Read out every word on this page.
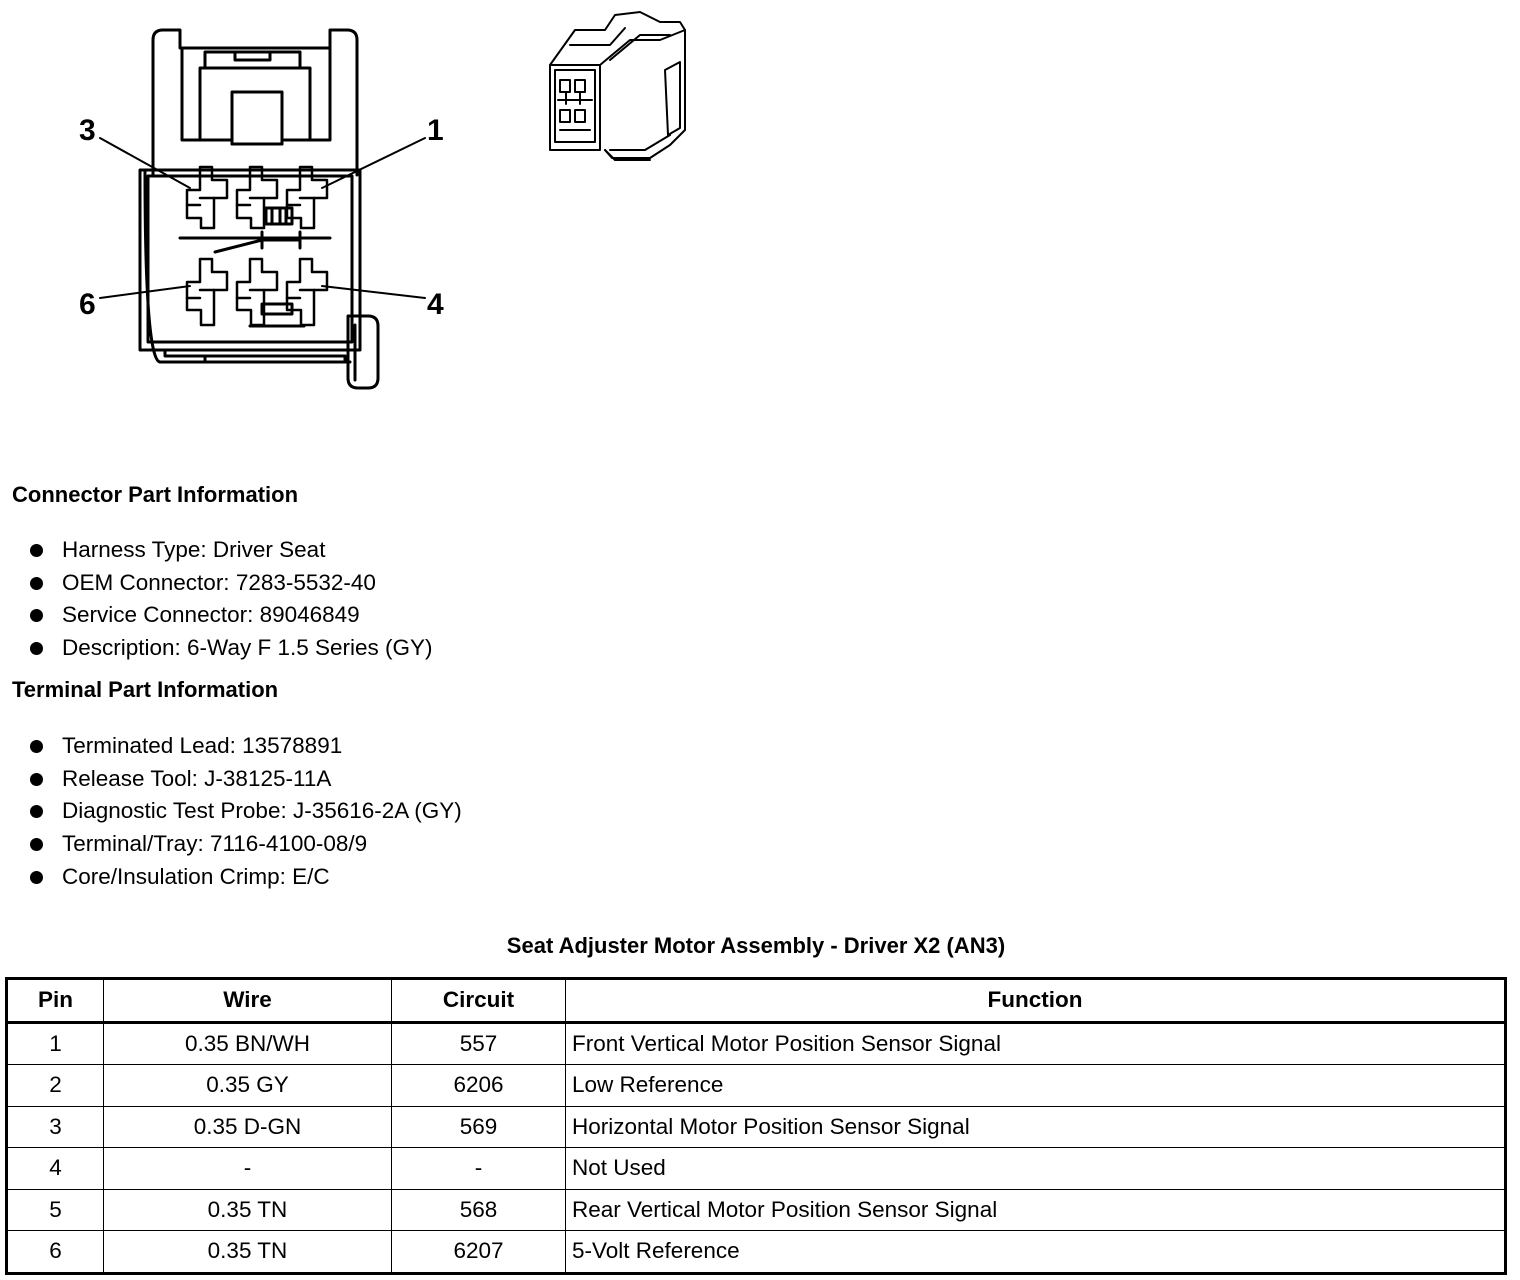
3	1
6	4
Connector Part Information
Harness Type: Driver Seat
OEM Connector: 7283-5532-40
Service Connector: 89046849
Description: 6-Way F 1.5 Series (GY)
Terminal Part Information
Terminated Lead: 13578891
Release Tool: J-38125-11A
Diagnostic Test Probe: J-35616-2A (GY)
Terminal/Tray: 7116-4100-08/9
Core/Insulation Crimp: E/C
Seat Adjuster Motor Assembly - Driver X2 (AN3)
Pin	Wire	Circuit	Function
1	0.35 BN/WH	557	Front Vertical Motor Position Sensor Signal
2	0.35 GY	6206	Low Reference
3	0.35 D-GN	569	Horizontal Motor Position Sensor Signal
4	-	-	Not Used
5	0.35 TN	568	Rear Vertical Motor Position Sensor Signal
6	0.35 TN	6207	5-Volt Reference
